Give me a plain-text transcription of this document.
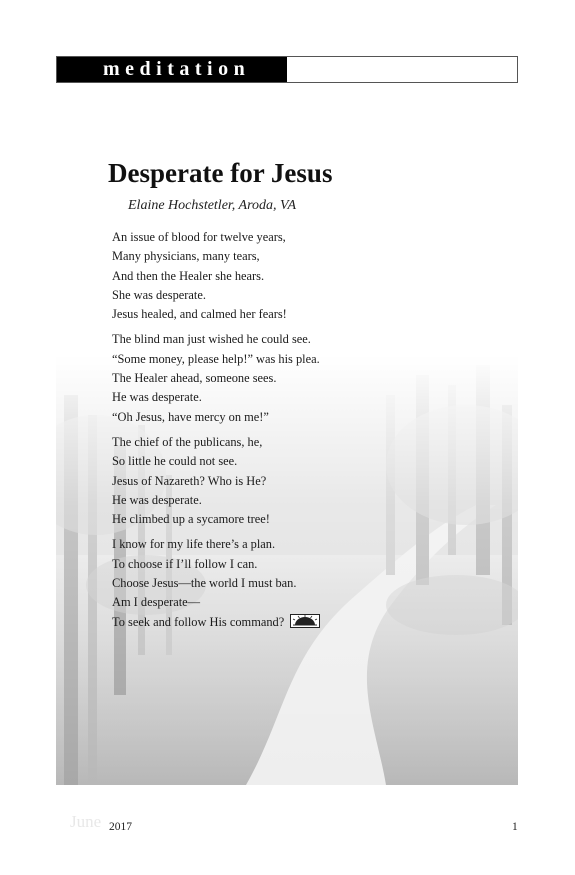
meditation
Desperate for Jesus
Elaine Hochstetler, Aroda, VA
An issue of blood for twelve years,
Many physicians, many tears,
And then the Healer she hears.
She was desperate.
Jesus healed, and calmed her fears!
The blind man just wished he could see.
“Some money, please help!” was his plea.
The Healer ahead, someone sees.
He was desperate.
“Oh Jesus, have mercy on me!”
The chief of the publicans, he,
So little he could not see.
Jesus of Nazareth? Who is He?
He was desperate.
He climbed up a sycamore tree!
I know for my life there’s a plan.
To choose if I’ll follow I can.
Choose Jesus—the world I must ban.
Am I desperate—
To seek and follow His command?
June 2017	1
